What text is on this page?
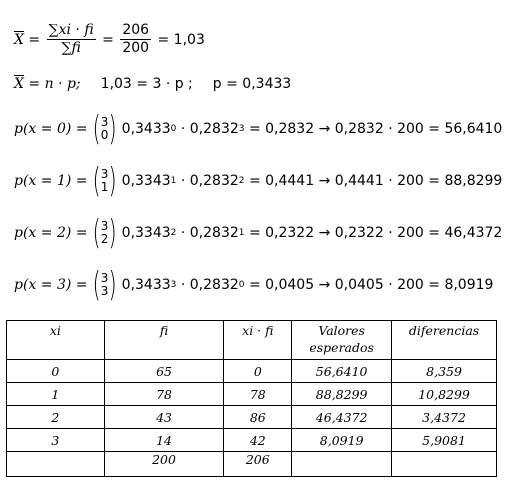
$\overline{X} = \frac{\sum xi \cdot fi}{\sum fi} = \frac{206}{200}$
= 1,03
$\overline{X}$
= n · p; 1,03 = 3 · p ; p = 0,3433
p(x = 0) = ( 3
0 ) 0,3433 0 · 0,2832 3
= 0,2832 → 0,2832 · 200 = 56,6410
p(x = 1) = ( 3
1 ) 0,3343 1 · 0,2832 2
= 0,4441 → 0,4441 · 200 = 88,8299
p(x = 2) = ( 3
2 ) 0,3343 2 · 0,2832 1
= 0,2322 → 0,2322 · 200 = 46,4372
p(x = 3) = ( 3
3 ) 0,3433 3 · 0,2832 0
= 0,0405 → 0,0405 · 200 = 8,0919
xi	fi	xi · fi	Valores
esperados	diferencias
0	65	0	56,6410	8,359
1	78	78	88,8299	10,8299
2	43	86	46,4372	3,4372
3	14	42	8,0919	5,9081
	200	206		
